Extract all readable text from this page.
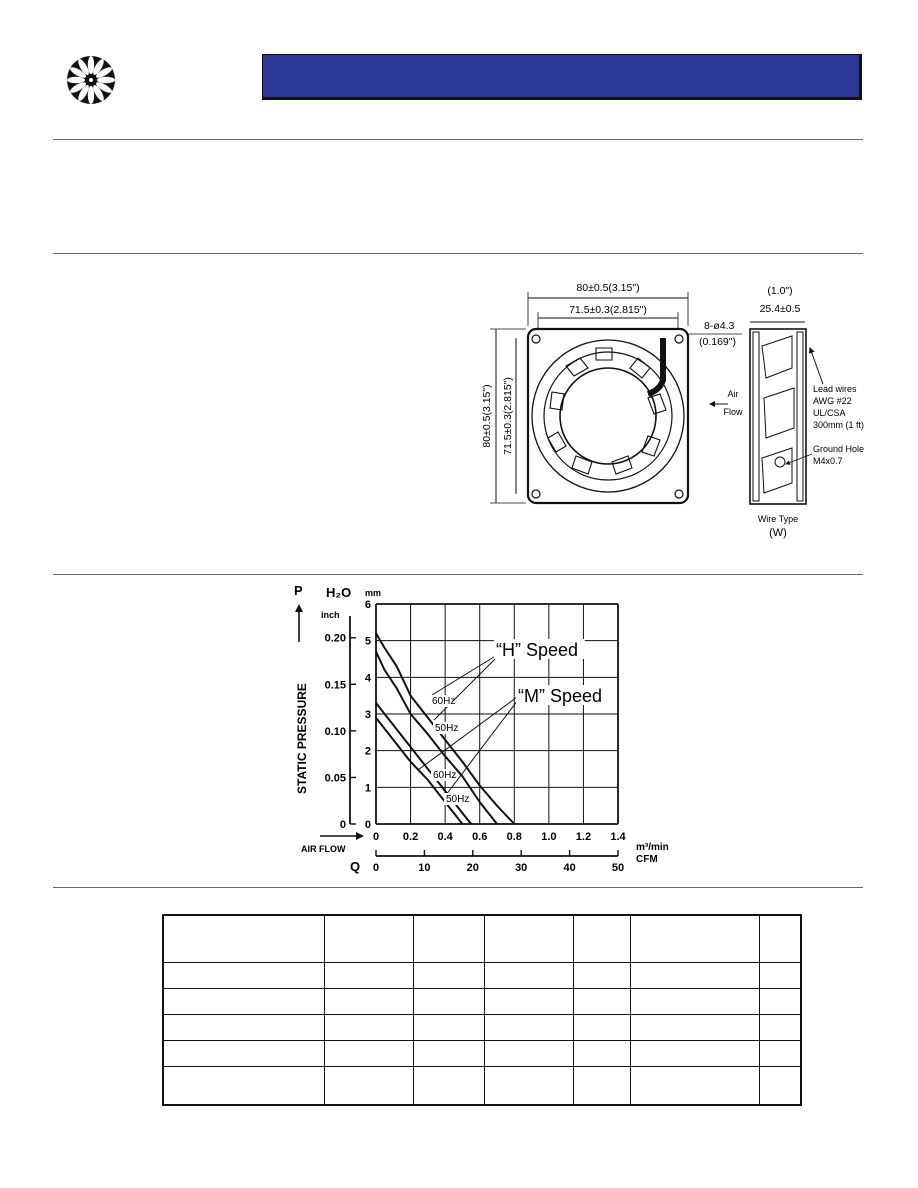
80±0.5(3.15")
71.5±0.3(2.815")
80±0.5(3.15") 71.5±0.3(2.815")
8-ø4.3
(0.169")
(1.0")
25.4±0.5
Air
Flow
Lead wires
AWG #22
UL/CSA
300mm (1 ft)
Ground Hole
M4x0.7
Wire Type
(W)
P
STATIC PRESSURE
H₂O mm
inch
AIR FLOW
Q
m³/min
CFM
0
1
2
3
4
5
6
0
0.05
0.10
0.15
0.20
0 0.2 0.4 0.6 0.8 1.0 1.2 1.4
0	10	20	30	40	50
“H” Speed
“M” Speed
60Hz
50Hz
60Hz
50Hz
